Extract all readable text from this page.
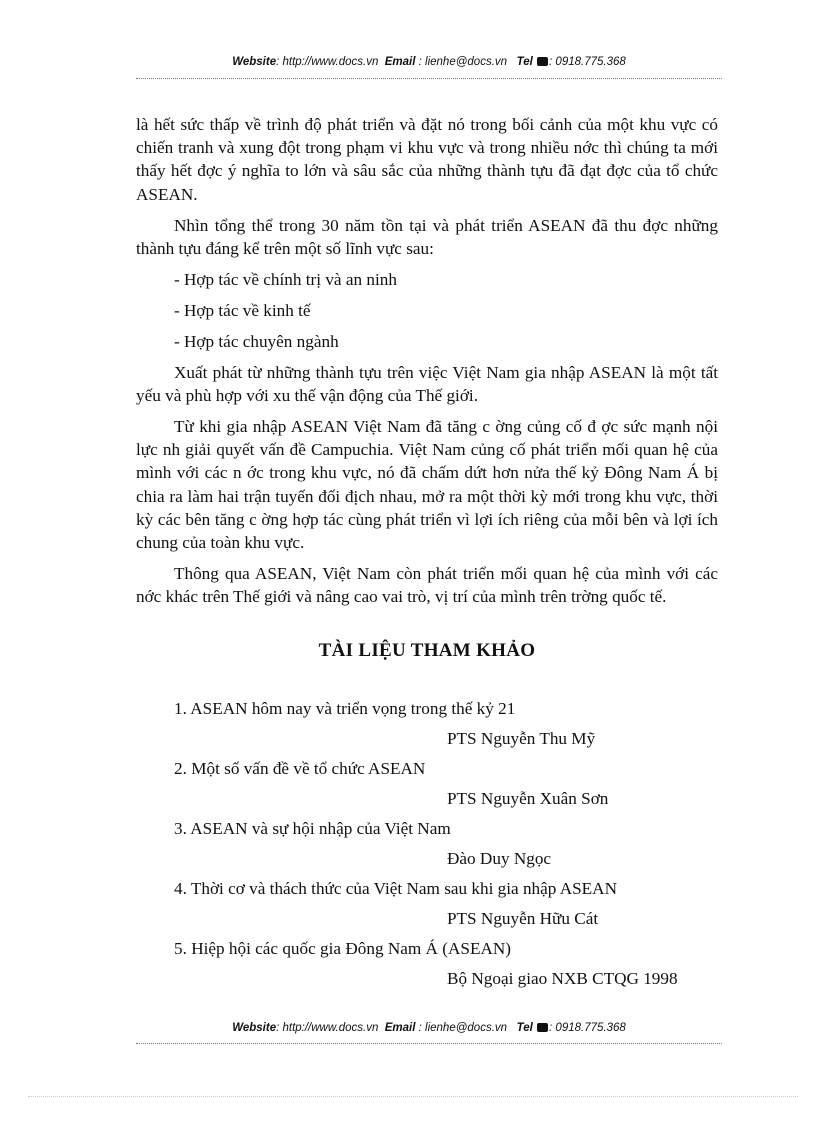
Website: http://www.docs.vn Email : lienhe@docs.vn Tel : 0918.775.368

là hết sức thấp về trình độ phát triển và đặt nó trong bối cảnh của một khu vực có chiến tranh và xung đột trong phạm vi khu vực và trong nhiều nớc thì chúng ta mới thấy hết đợc ý nghĩa to lớn và sâu sắc của những thành tựu đã đạt đợc của tổ chức ASEAN.

Nhìn tổng thể trong 30 năm tồn tại và phát triển ASEAN đã thu đợc những thành tựu đáng kể trên một số lĩnh vực sau:

- Hợp tác về chính trị và an ninh

- Hợp tác về kinh tế

- Hợp tác chuyên ngành

Xuất phát từ những thành tựu trên việc Việt Nam gia nhập ASEAN là một tất yếu và phù hợp với xu thế vận động của Thế giới.

Từ khi gia nhập ASEAN Việt Nam đã tăng c ờng củng cố đ ợc sức mạnh nội lực nh giải quyết vấn đề Campuchia. Việt Nam củng cố phát triển mối quan hệ của mình với các n ớc trong khu vực, nó đã chấm dứt hơn nửa thế kỷ Đông Nam Á bị chia ra làm hai trận tuyến đối địch nhau, mở ra một thời kỳ mới trong khu vực, thời kỳ các bên tăng c ờng hợp tác cùng phát triển vì lợi ích riêng của mỗi bên và lợi ích chung của toàn khu vực.

Thông qua ASEAN, Việt Nam còn phát triển mối quan hệ của mình với các nớc khác trên Thế giới và nâng cao vai trò, vị trí của mình trên trờng quốc tế.

TÀI LIỆU THAM KHẢO
1. ASEAN hôm nay và triển vọng trong thế kỷ 21
PTS Nguyễn Thu Mỹ
2. Một số vấn đề về tổ chức ASEAN
PTS Nguyễn Xuân Sơn
3. ASEAN và sự hội nhập của Việt Nam
Đào Duy Ngọc
4. Thời cơ và thách thức của Việt Nam sau khi gia nhập ASEAN
PTS Nguyễn Hữu Cát
5. Hiệp hội các quốc gia Đông Nam Á (ASEAN)
Bộ Ngoại giao NXB CTQG 1998
Website: http://www.docs.vn Email : lienhe@docs.vn Tel : 0918.775.368
